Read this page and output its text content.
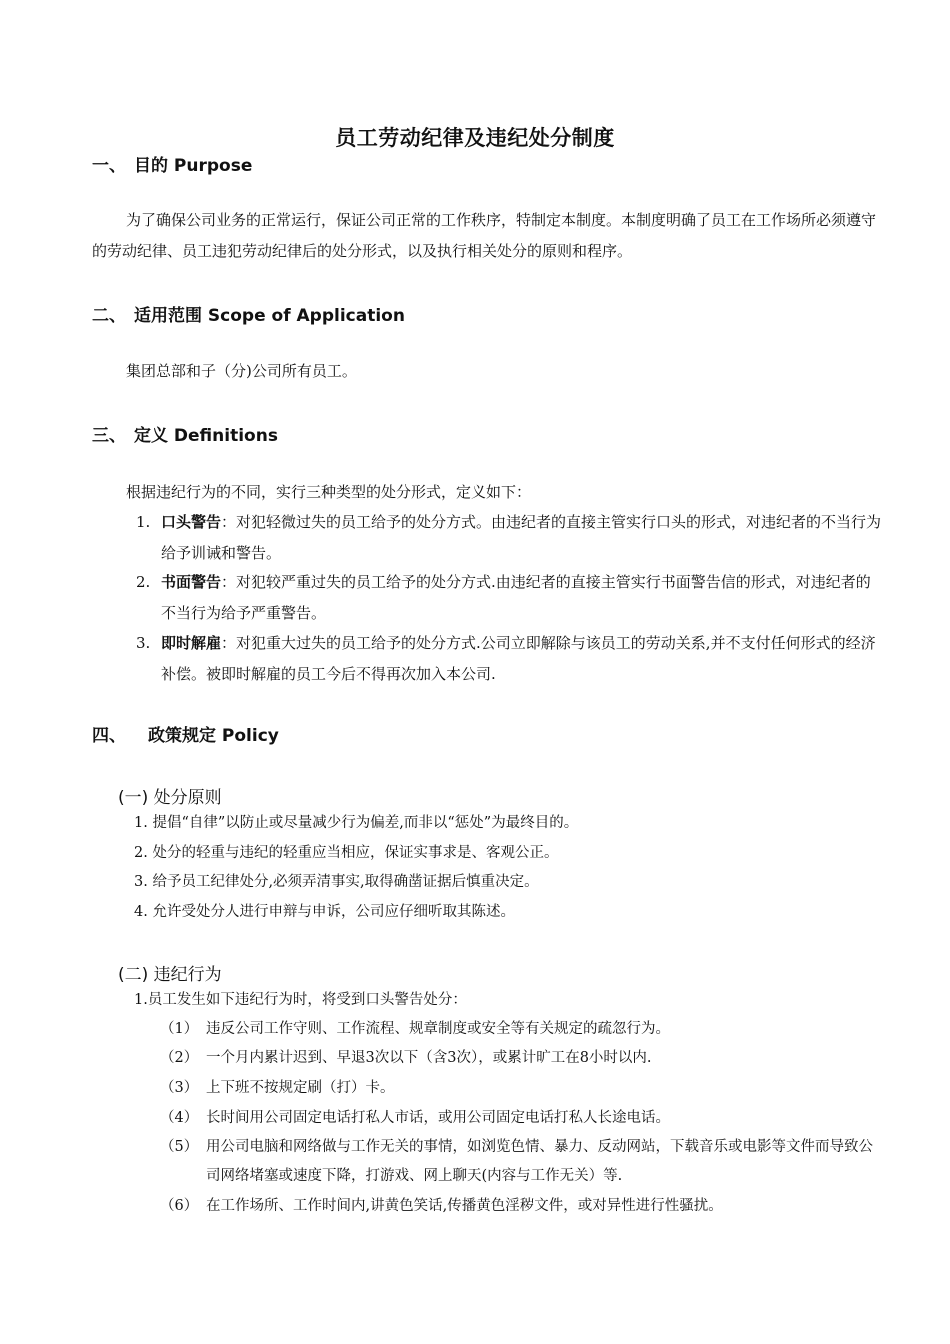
员工劳动纪律及违纪处分制度
一、 目的 Purpose
为了确保公司业务的正常运行，保证公司正常的工作秩序，特制定本制度。本制度明确了员工在工作场所必须遵守的劳动纪律、员工违犯劳动纪律后的处分形式，以及执行相关处分的原则和程序。
二、 适用范围 Scope of Application
集团总部和子（分)公司所有员工。
三、 定义 Definitions
根据违纪行为的不同，实行三种类型的处分形式，定义如下：
1. 口头警告：对犯轻微过失的员工给予的处分方式。由违纪者的直接主管实行口头的形式，对违纪者的不当行为给予训诫和警告。
2. 书面警告：对犯较严重过失的员工给予的处分方式.由违纪者的直接主管实行书面警告信的形式，对违纪者的不当行为给予严重警告。
3. 即时解雇：对犯重大过失的员工给予的处分方式.公司立即解除与该员工的劳动关系,并不支付任何形式的经济补偿。被即时解雇的员工今后不得再次加入本公司.
四、 政策规定 Policy
(一) 处分原则
1. 提倡“自律”以防止或尽量减少行为偏差,而非以“惩处”为最终目的。
2. 处分的轻重与违纪的轻重应当相应，保证实事求是、客观公正。
3. 给予员工纪律处分,必须弄清事实,取得确凿证据后慎重决定。
4. 允许受处分人进行申辩与申诉，公司应仔细听取其陈述。
(二) 违纪行为
1.员工发生如下违纪行为时，将受到口头警告处分：
（1） 违反公司工作守则、工作流程、规章制度或安全等有关规定的疏忽行为。
（2） 一个月内累计迟到、早退3次以下（含3次），或累计旷工在8小时以内.
（3） 上下班不按规定刷（打）卡。
（4） 长时间用公司固定电话打私人市话，或用公司固定电话打私人长途电话。
（5） 用公司电脑和网络做与工作无关的事情，如浏览色情、暴力、反动网站，下载音乐或电影等文件而导致公司网络堵塞或速度下降，打游戏、网上聊天(内容与工作无关）等.
（6） 在工作场所、工作时间内,讲黄色笑话,传播黄色淫秽文件，或对异性进行性骚扰。
